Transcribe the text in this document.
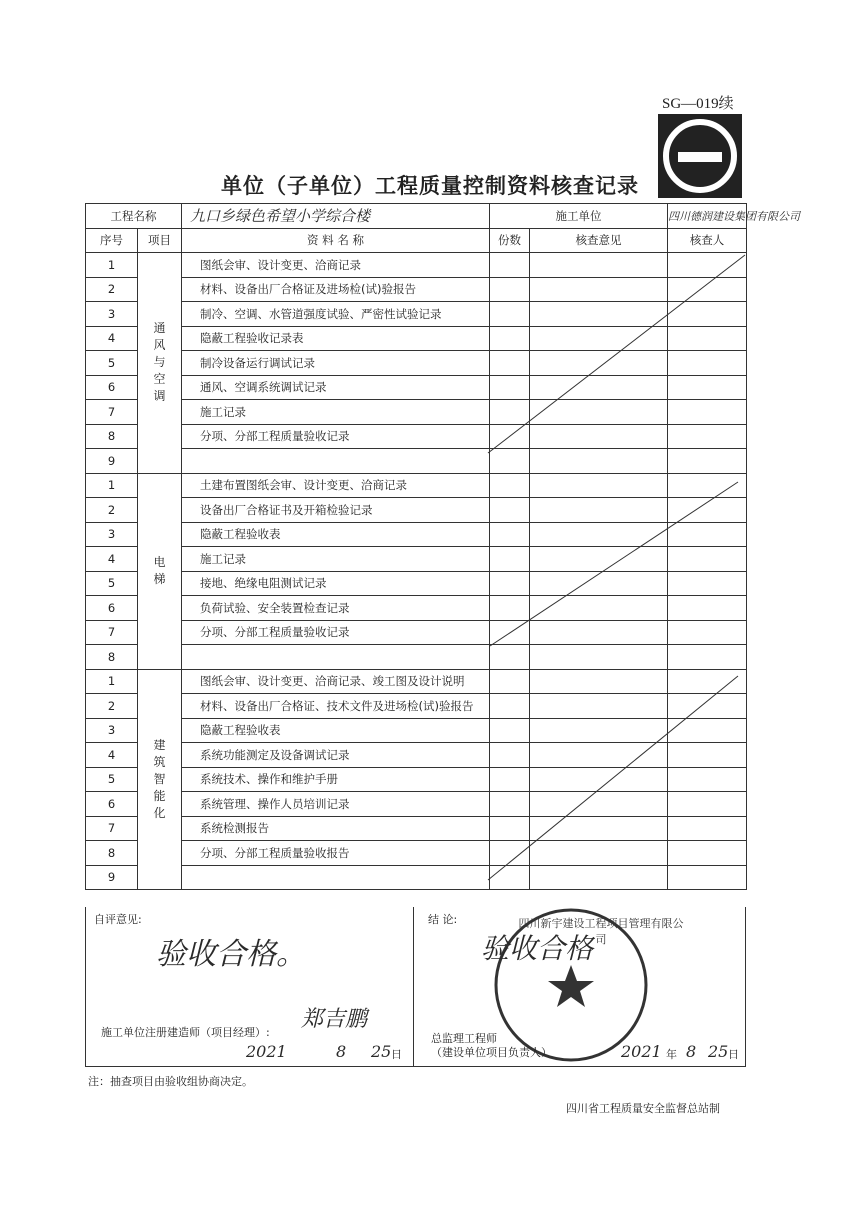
SG—019续
单位（子单位）工程质量控制资料核查记录
工程名称		九口乡绿色希望小学综合楼	施工单位		四川德润建设集团有限公司
序号	项目	资 料 名 称	份数	核查意见	核查人
1	通风与空调	图纸会审、设计变更、洽商记录			
2		材料、设备出厂合格证及进场检(试)验报告			
3		制冷、空调、水管道强度试验、严密性试验记录			
4		隐蔽工程验收记录表			
5		制冷设备运行调试记录			
6		通风、空调系统调试记录			
7		施工记录			
8		分项、分部工程质量验收记录			
9					
1	电梯	土建布置图纸会审、设计变更、洽商记录			
2		设备出厂合格证书及开箱检验记录			
3		隐蔽工程验收表			
4		施工记录			
5		接地、绝缘电阻测试记录			
6		负荷试验、安全装置检查记录			
7		分项、分部工程质量验收记录			
8					
1	建筑智能化	图纸会审、设计变更、洽商记录、竣工图及设计说明			
2		材料、设备出厂合格证、技术文件及进场检(试)验报告			
3		隐蔽工程验收表			
4		系统功能测定及设备调试记录			
5		系统技术、操作和维护手册			
6		系统管理、操作人员培训记录			
7		系统检测报告			
8		分项、分部工程质量验收报告			
9					
自评意见:
验收合格。
施工单位注册建造师（项目经理）:
郑吉鹏
2021	8 25 日
结 论:	四川新宇建设工程项目管理有限公司
验收合格
总监理工程师
（建设单位项目负责人）	2021 年 8 25 日
注：抽查项目由验收组协商决定。
四川省工程质量安全监督总站制
